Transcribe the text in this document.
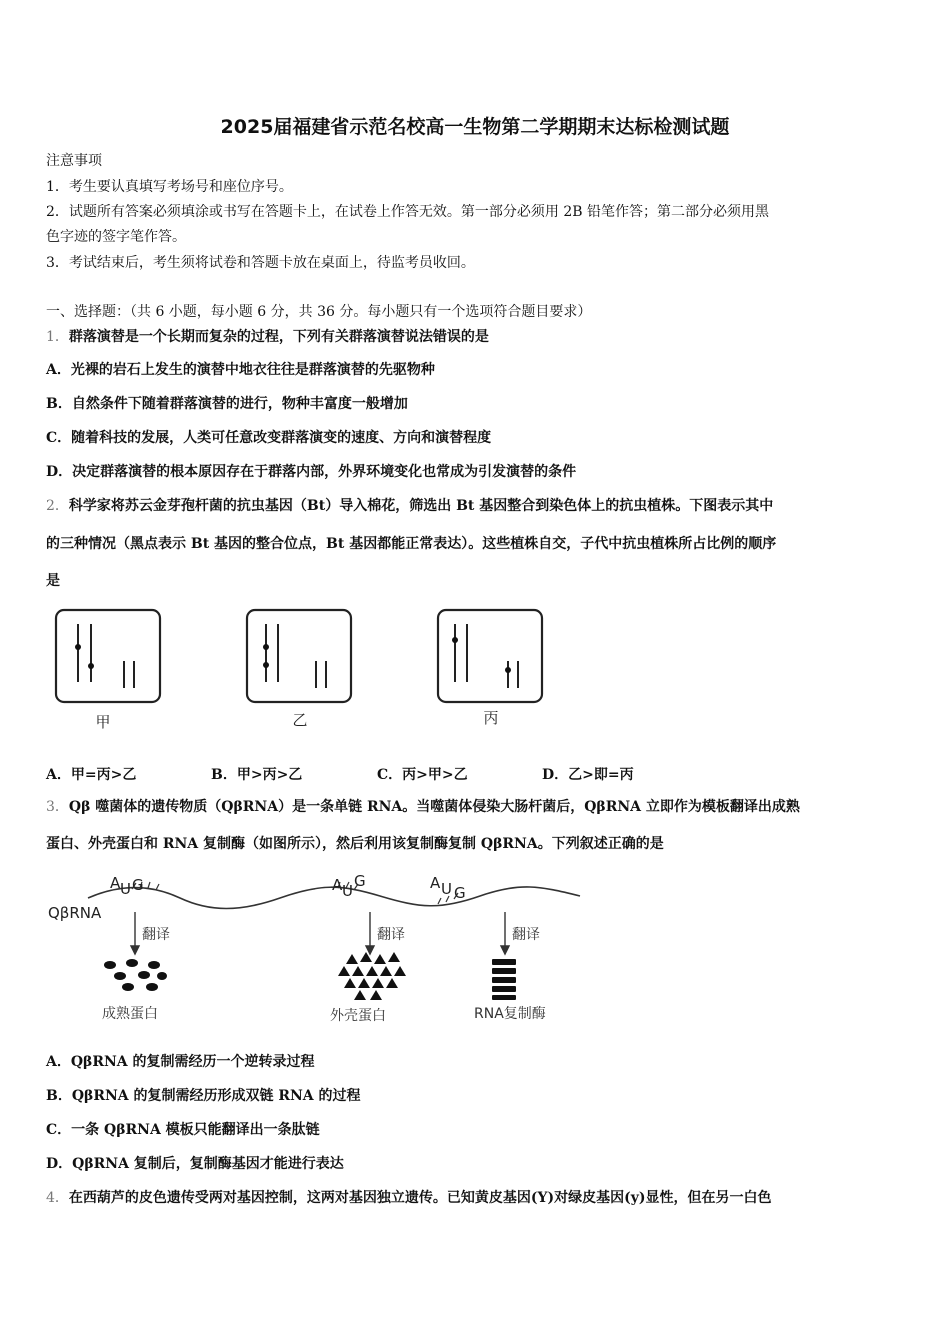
2025届福建省示范名校高一生物第二学期期末达标检测试题
注意事项
1．考生要认真填写考场号和座位序号。
2．试题所有答案必须填涂或书写在答题卡上，在试卷上作答无效。第一部分必须用 2B 铅笔作答；第二部分必须用黑
色字迹的签字笔作答。
3．考试结束后，考生须将试卷和答题卡放在桌面上，待监考员收回。
一、选择题：（共 6 小题，每小题 6 分，共 36 分。每小题只有一个选项符合题目要求）
1．群落演替是一个长期而复杂的过程，下列有关群落演替说法错误的是
A．光裸的岩石上发生的演替中地衣往往是群落演替的先驱物种
B．自然条件下随着群落演替的进行，物种丰富度一般增加
C．随着科技的发展，人类可任意改变群落演变的速度、方向和演替程度
D．决定群落演替的根本原因存在于群落内部，外界环境变化也常成为引发演替的条件
2．科学家将苏云金芽孢杆菌的抗虫基因（Bt）导入棉花，筛选出 Bt 基因整合到染色体上的抗虫植株。下图表示其中
的三种情况（黑点表示 Bt 基因的整合位点，Bt 基因都能正常表达）。这些植株自交，子代中抗虫植株所占比例的顺序
是
甲	乙	丙
A．甲=丙>乙	B．甲>丙>乙	C．丙>甲>乙	D．乙>即=丙
3．Qβ 噬菌体的遗传物质（QβRNA）是一条单链 RNA。当噬菌体侵染大肠杆菌后，QβRNA 立即作为模板翻译出成熟
蛋白、外壳蛋白和 RNA 复制酶（如图所示），然后利用该复制酶复制 QβRNA。下列叙述正确的是
A U G	A U
G	A U G
QβRNA
翻译	翻译	翻译
成熟蛋白	外壳蛋白	RNA复制酶
A．QβRNA 的复制需经历一个逆转录过程
B．QβRNA 的复制需经历形成双链 RNA 的过程
C．一条 QβRNA 模板只能翻译出一条肽链
D．QβRNA 复制后，复制酶基因才能进行表达
4．在西葫芦的皮色遗传受两对基因控制，这两对基因独立遗传。已知黄皮基因(Y)对绿皮基因(y)显性，但在另一白色
